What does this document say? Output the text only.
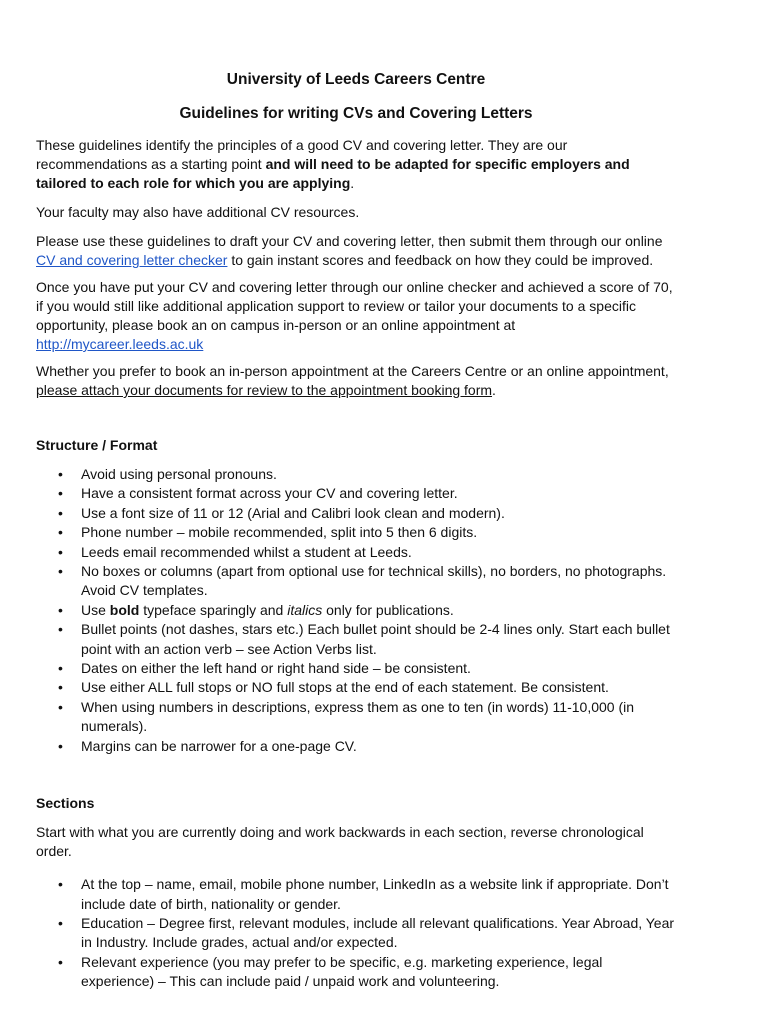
University of Leeds Careers Centre

Guidelines for writing CVs and Covering Letters

These guidelines identify the principles of a good CV and covering letter. They are our recommendations as a starting point and will need to be adapted for specific employers and tailored to each role for which you are applying.

Your faculty may also have additional CV resources.

Please use these guidelines to draft your CV and covering letter, then submit them through our online CV and covering letter checker to gain instant scores and feedback on how they could be improved.

Once you have put your CV and covering letter through our online checker and achieved a score of 70, if you would still like additional application support to review or tailor your documents to a specific opportunity, please book an on campus in-person or an online appointment at http://mycareer.leeds.ac.uk

Whether you prefer to book an in-person appointment at the Careers Centre or an online appointment, please attach your documents for review to the appointment booking form.

Structure / Format
• Avoid using personal pronouns.
• Have a consistent format across your CV and covering letter.
• Use a font size of 11 or 12 (Arial and Calibri look clean and modern).
• Phone number – mobile recommended, split into 5 then 6 digits.
• Leeds email recommended whilst a student at Leeds.
• No boxes or columns (apart from optional use for technical skills), no borders, no photographs. Avoid CV templates.
• Use bold typeface sparingly and italics only for publications.
• Bullet points (not dashes, stars etc.) Each bullet point should be 2-4 lines only. Start each bullet point with an action verb – see Action Verbs list.
• Dates on either the left hand or right hand side – be consistent.
• Use either ALL full stops or NO full stops at the end of each statement. Be consistent.
• When using numbers in descriptions, express them as one to ten (in words) 11-10,000 (in numerals).
• Margins can be narrower for a one-page CV.
Sections

Start with what you are currently doing and work backwards in each section, reverse chronological order.

• At the top – name, email, mobile phone number, LinkedIn as a website link if appropriate. Don’t include date of birth, nationality or gender.
• Education – Degree first, relevant modules, include all relevant qualifications. Year Abroad, Year in Industry. Include grades, actual and/or expected.
• Relevant experience (you may prefer to be specific, e.g. marketing experience, legal experience) – This can include paid / unpaid work and volunteering.
